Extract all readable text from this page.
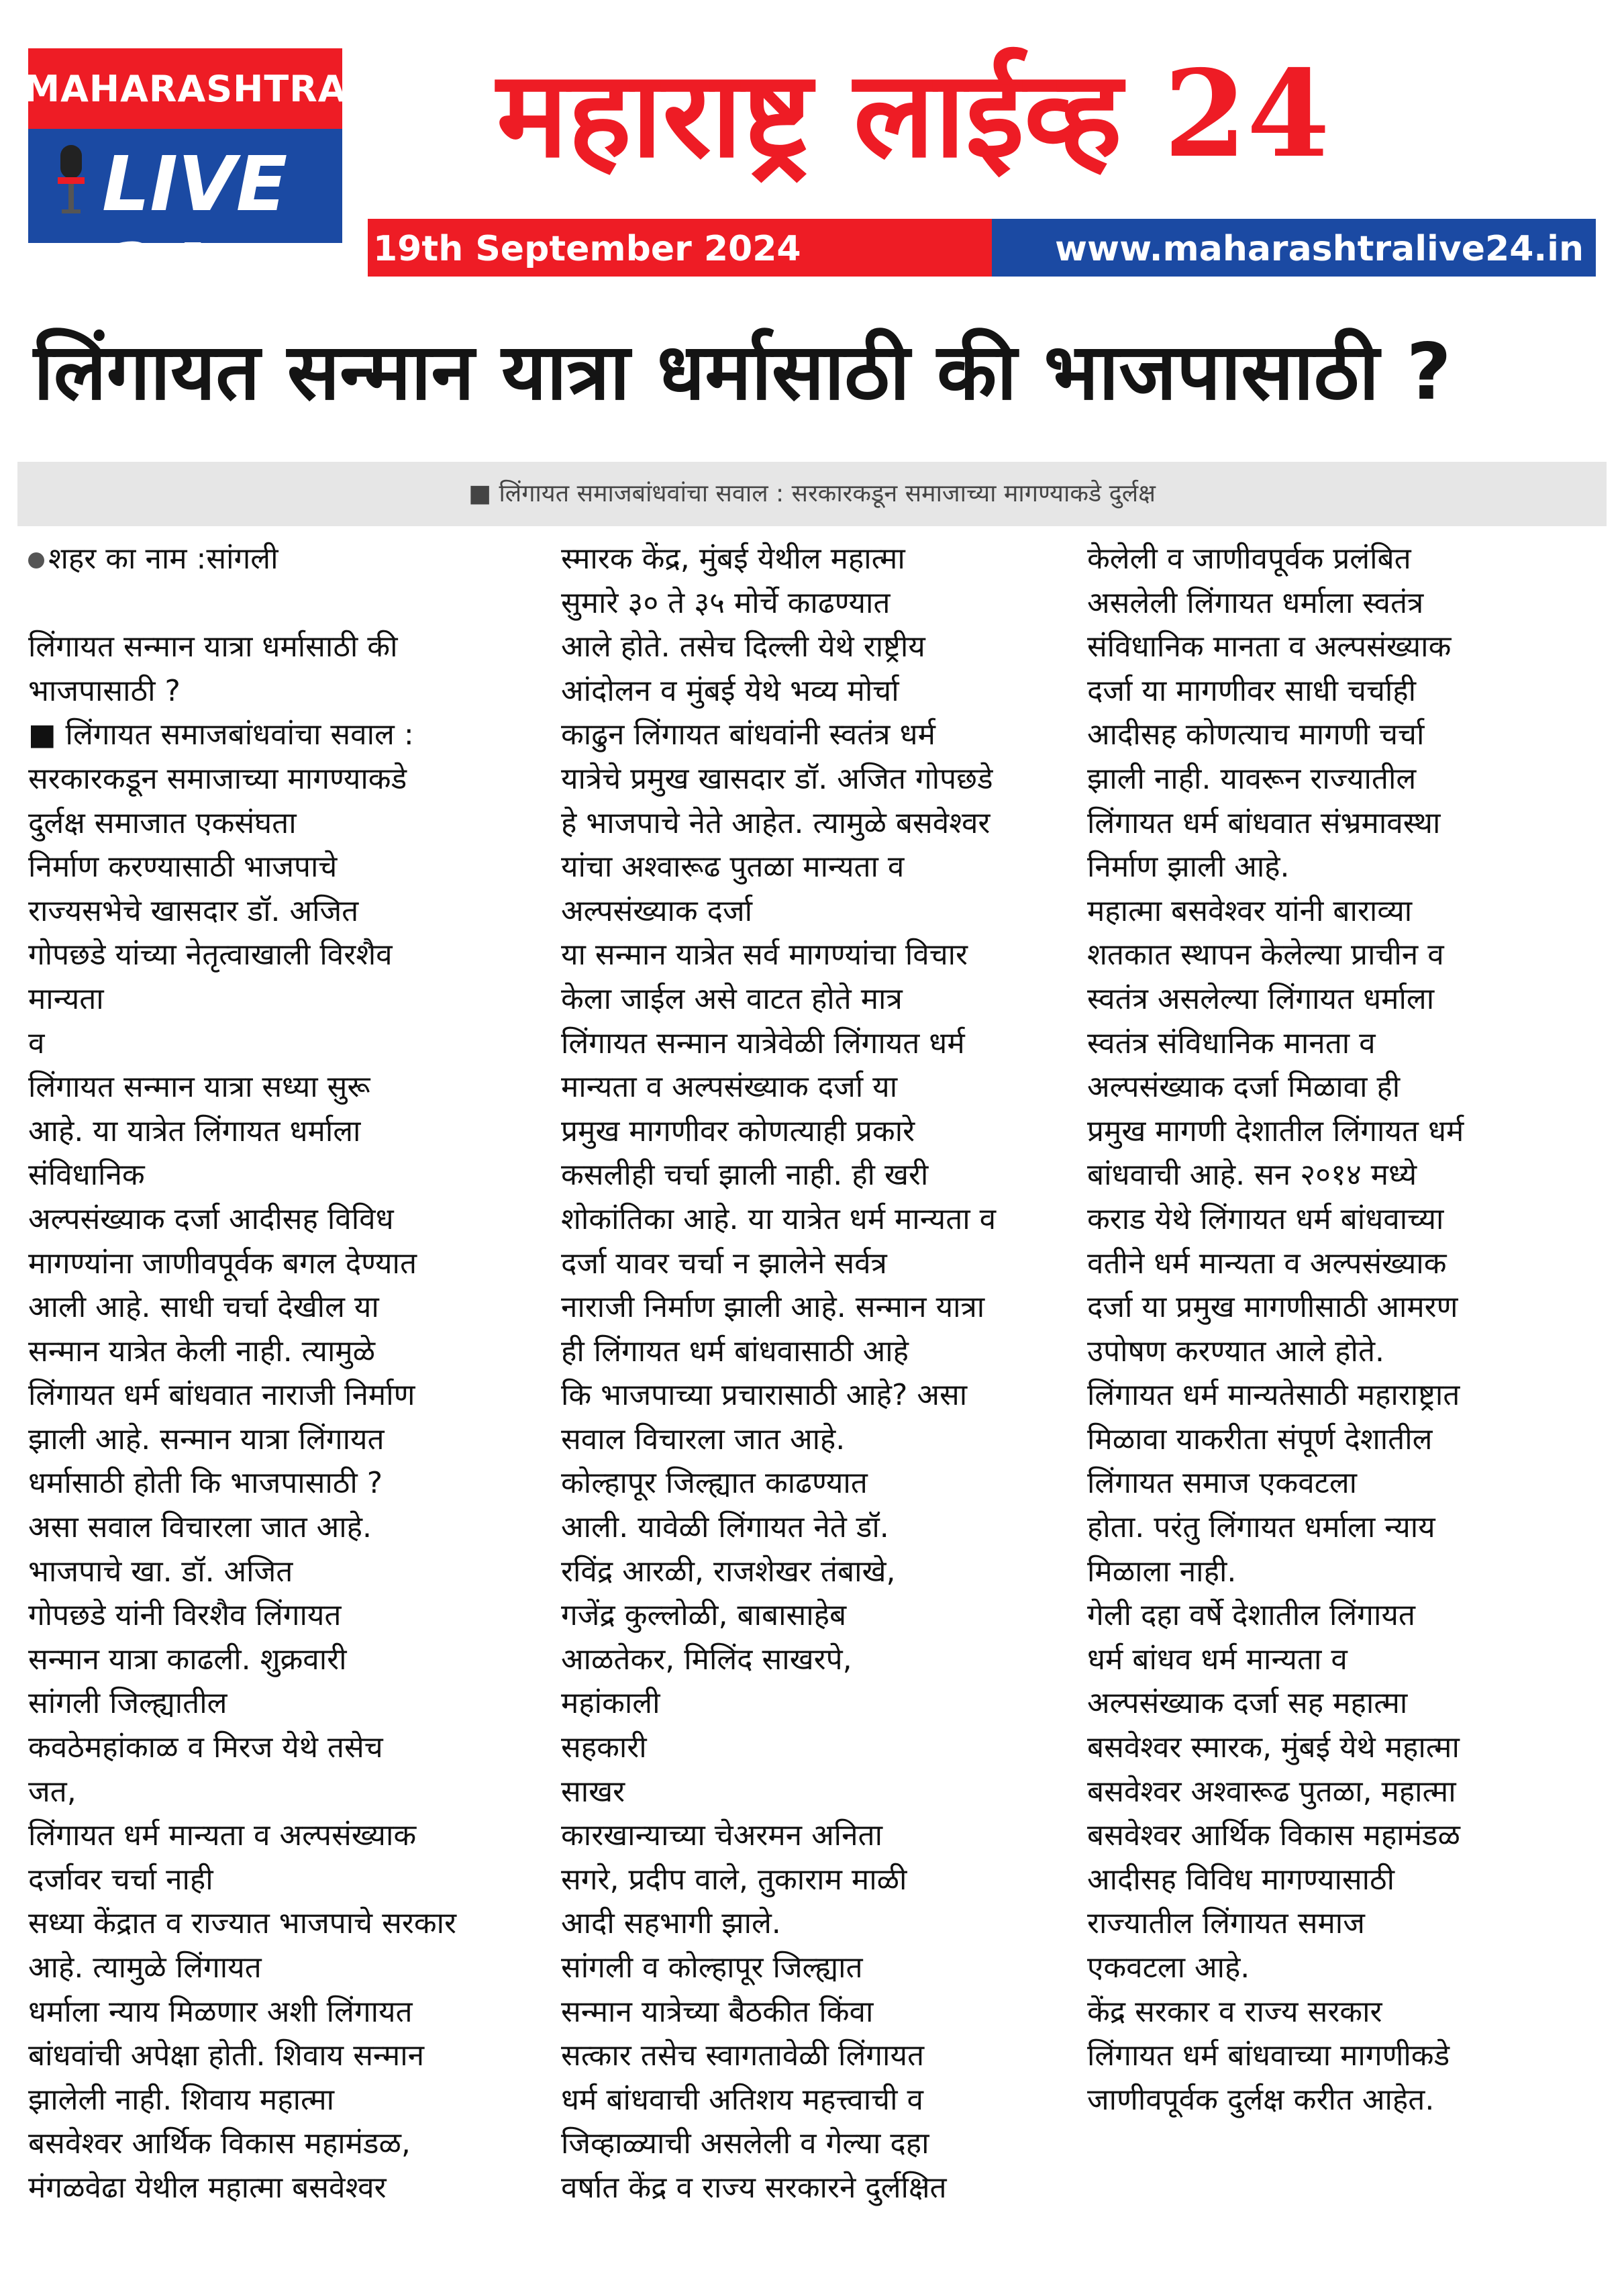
MAHARASHTRA
LIVE 24
महाराष्ट्र लाईव्ह 24
19th September 2024	www.maharashtralive24.in
लिंगायत सन्मान यात्रा धर्मासाठी की भाजपासाठी ?
■ लिंगायत समाजबांधवांचा सवाल : सरकारकडून समाजाच्या मागण्याकडे दुर्लक्ष
शहर का नाम :सांगली
लिंगायत सन्मान यात्रा धर्मासाठी की
भाजपासाठी ?
■ लिंगायत समाजबांधवांचा सवाल :
सरकारकडून समाजाच्या मागण्याकडे
दुर्लक्ष समाजात एकसंघता
निर्माण करण्यासाठी भाजपाचे
राज्यसभेचे खासदार डॉ. अजित
गोपछडे यांच्या नेतृत्वाखाली विरशैव
मान्यता
व
लिंगायत सन्मान यात्रा सध्या सुरू
आहे. या यात्रेत लिंगायत धर्माला
संविधानिक
अल्पसंख्याक दर्जा आदीसह विविध
मागण्यांना जाणीवपूर्वक बगल देण्यात
आली आहे. साधी चर्चा देखील या
सन्मान यात्रेत केली नाही. त्यामुळे
लिंगायत धर्म बांधवात नाराजी निर्माण
झाली आहे. सन्मान यात्रा लिंगायत
धर्मासाठी होती कि भाजपासाठी ?
असा सवाल विचारला जात आहे.
भाजपाचे खा. डॉ. अजित
गोपछडे यांनी विरशैव लिंगायत
सन्मान यात्रा काढली. शुक्रवारी
सांगली जिल्ह्यातील
कवठेमहांकाळ व मिरज येथे तसेच
जत,
लिंगायत धर्म मान्यता व अल्पसंख्याक
दर्जावर चर्चा नाही
सध्या केंद्रात व राज्यात भाजपाचे सरकार
आहे. त्यामुळे लिंगायत
धर्माला न्याय मिळणार अशी लिंगायत
बांधवांची अपेक्षा होती. शिवाय सन्मान
झालेली नाही. शिवाय महात्मा
बसवेश्वर आर्थिक विकास महामंडळ,
मंगळवेढा येथील महात्मा बसवेश्वर
स्मारक केंद्र, मुंबई येथील महात्मा
सुमारे ३० ते ३५ मोर्चे काढण्यात
आले होते. तसेच दिल्ली येथे राष्ट्रीय
आंदोलन व मुंबई येथे भव्य मोर्चा
काढुन लिंगायत बांधवांनी स्वतंत्र धर्म
यात्रेचे प्रमुख खासदार डॉ. अजित गोपछडे
हे भाजपाचे नेते आहेत. त्यामुळे बसवेश्वर
यांचा अश्वारूढ पुतळा मान्यता व
अल्पसंख्याक दर्जा
या सन्मान यात्रेत सर्व मागण्यांचा विचार
केला जाईल असे वाटत होते मात्र
लिंगायत सन्मान यात्रेवेळी लिंगायत धर्म
मान्यता व अल्पसंख्याक दर्जा या
प्रमुख मागणीवर कोणत्याही प्रकारे
कसलीही चर्चा झाली नाही. ही खरी
शोकांतिका आहे. या यात्रेत धर्म मान्यता व
दर्जा यावर चर्चा न झालेने सर्वत्र
नाराजी निर्माण झाली आहे. सन्मान यात्रा
ही लिंगायत धर्म बांधवासाठी आहे
कि भाजपाच्या प्रचारासाठी आहे? असा
सवाल विचारला जात आहे.
कोल्हापूर जिल्ह्यात काढण्यात
आली. यावेळी लिंगायत नेते डॉ.
रविंद्र आरळी, राजशेखर तंबाखे,
गजेंद्र कुल्लोळी, बाबासाहेब
आळतेकर, मिलिंद साखरपे,
महांकाली
सहकारी
साखर
कारखान्याच्या चेअरमन अनिता
सगरे, प्रदीप वाले, तुकाराम माळी
आदी सहभागी झाले.
सांगली व कोल्हापूर जिल्ह्यात
सन्मान यात्रेच्या बैठकीत किंवा
सत्कार तसेच स्वागतावेळी लिंगायत
धर्म बांधवाची अतिशय महत्त्वाची व
जिव्हाळ्याची असलेली व गेल्या दहा
वर्षात केंद्र व राज्य सरकारने दुर्लक्षित
केलेली व जाणीवपूर्वक प्रलंबित
असलेली लिंगायत धर्माला स्वतंत्र
संविधानिक मानता व अल्पसंख्याक
दर्जा या मागणीवर साधी चर्चाही
आदीसह कोणत्याच मागणी चर्चा
झाली नाही. यावरून राज्यातील
लिंगायत धर्म बांधवात संभ्रमावस्था
निर्माण झाली आहे.
महात्मा बसवेश्वर यांनी बाराव्या
शतकात स्थापन केलेल्या प्राचीन व
स्वतंत्र असलेल्या लिंगायत धर्माला
स्वतंत्र संविधानिक मानता व
अल्पसंख्याक दर्जा मिळावा ही
प्रमुख मागणी देशातील लिंगायत धर्म
बांधवाची आहे. सन २०१४ मध्ये
कराड येथे लिंगायत धर्म बांधवाच्या
वतीने धर्म मान्यता व अल्पसंख्याक
दर्जा या प्रमुख मागणीसाठी आमरण
उपोषण करण्यात आले होते.
लिंगायत धर्म मान्यतेसाठी महाराष्ट्रात
मिळावा याकरीता संपूर्ण देशातील
लिंगायत समाज एकवटला
होता. परंतु लिंगायत धर्माला न्याय
मिळाला नाही.
गेली दहा वर्षे देशातील लिंगायत
धर्म बांधव धर्म मान्यता व
अल्पसंख्याक दर्जा सह महात्मा
बसवेश्वर स्मारक, मुंबई येथे महात्मा
बसवेश्वर अश्वारूढ पुतळा, महात्मा
बसवेश्वर आर्थिक विकास महामंडळ
आदीसह विविध मागण्यासाठी
राज्यातील लिंगायत समाज
एकवटला आहे.
केंद्र सरकार व राज्य सरकार
लिंगायत धर्म बांधवाच्या मागणीकडे
जाणीवपूर्वक दुर्लक्ष करीत आहेत.
